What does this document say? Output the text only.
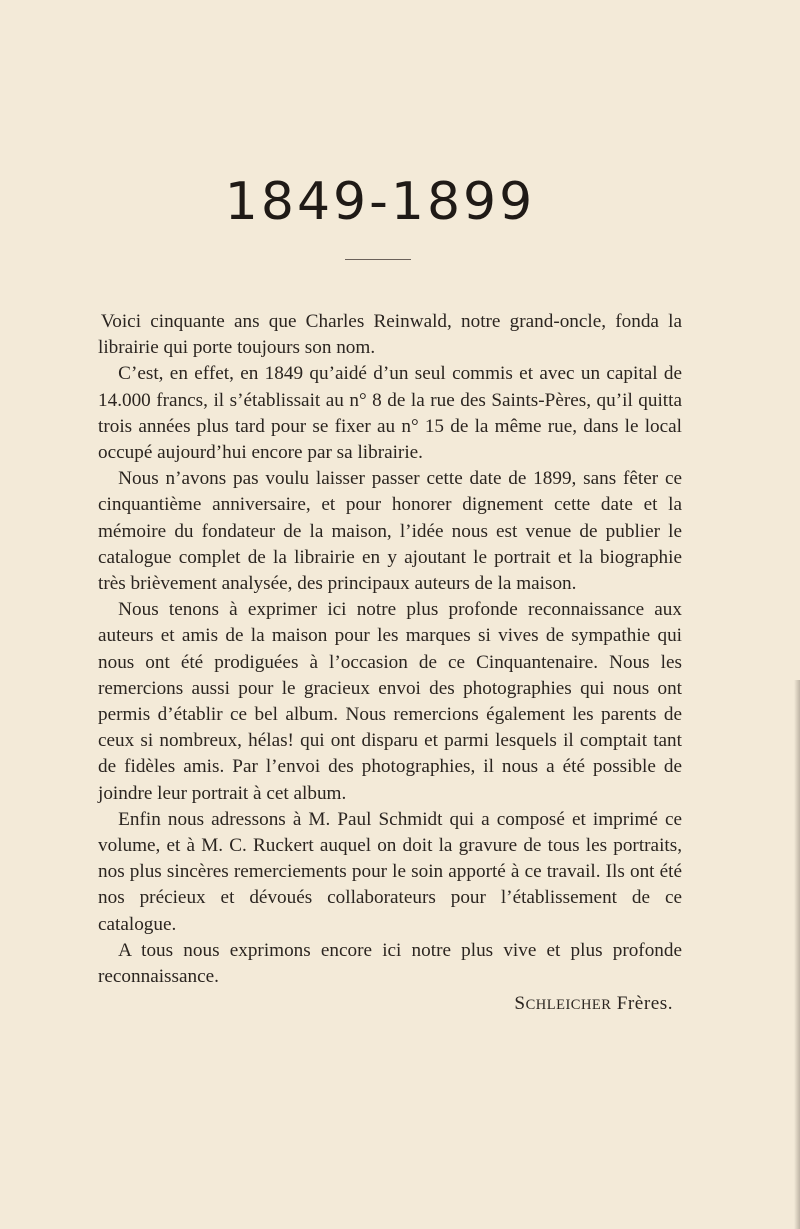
1849-1899

Voici cinquante ans que Charles Reinwald, notre grand-oncle, fonda la librairie qui porte toujours son nom.

C’est, en effet, en 1849 qu’aidé d’un seul commis et avec un capital de 14.000 francs, il s’établissait au n° 8 de la rue des Saints-Pères, qu’il quitta trois années plus tard pour se fixer au n° 15 de la même rue, dans le local occupé aujourd’hui encore par sa librairie.

Nous n’avons pas voulu laisser passer cette date de 1899, sans fêter ce cinquantième anniversaire, et pour honorer dignement cette date et la mémoire du fondateur de la maison, l’idée nous est venue de publier le catalogue complet de la librairie en y ajoutant le portrait et la biographie très brièvement analysée, des principaux auteurs de la maison.

Nous tenons à exprimer ici notre plus profonde reconnaissance aux auteurs et amis de la maison pour les marques si vives de sympathie qui nous ont été prodiguées à l’occasion de ce Cinquantenaire. Nous les remercions aussi pour le gracieux envoi des photographies qui nous ont permis d’établir ce bel album. Nous remercions également les parents de ceux si nombreux, hélas! qui ont disparu et parmi lesquels il comptait tant de fidèles amis. Par l’envoi des photographies, il nous a été possible de joindre leur portrait à cet album.

Enfin nous adressons à M. Paul Schmidt qui a composé et imprimé ce volume, et à M. C. Ruckert auquel on doit la gravure de tous les portraits, nos plus sincères remerciements pour le soin apporté à ce travail. Ils ont été nos précieux et dévoués collaborateurs pour l’établissement de ce catalogue.

A tous nous exprimons encore ici notre plus vive et plus profonde reconnaissance.

SCHLEICHER Frères.
